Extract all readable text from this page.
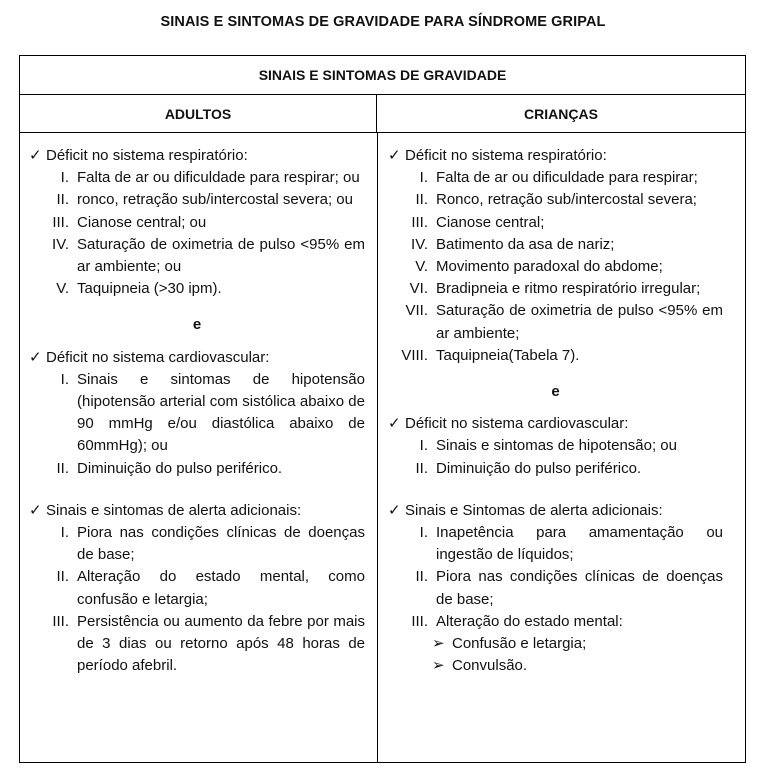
SINAIS E SINTOMAS DE GRAVIDADE PARA SÍNDROME GRIPAL
SINAIS E SINTOMAS DE GRAVIDADE
ADULTOS	CRIANÇAS
✓ Déficit no sistema respiratório:
I. Falta de ar ou dificuldade para respirar; ou
II. ronco, retração sub/intercostal severa; ou
III. Cianose central; ou
IV. Saturação de oximetria de pulso <95% em ar ambiente; ou
V. Taquipneia (>30 ipm).
e
✓ Déficit no sistema cardiovascular:
I. Sinais e sintomas de hipotensão (hipotensão arterial com sistólica abaixo de 90 mmHg e/ou diastólica abaixo de 60mmHg); ou
II. Diminuição do pulso periférico.
✓ Sinais e sintomas de alerta adicionais:
I. Piora nas condições clínicas de doenças de base;
II. Alteração do estado mental, como confusão e letargia;
III. Persistência ou aumento da febre por mais de 3 dias ou retorno após 48 horas de período afebril.
✓ Déficit no sistema respiratório:
I. Falta de ar ou dificuldade para respirar;
II. Ronco, retração sub/intercostal severa;
III. Cianose central;
IV. Batimento da asa de nariz;
V. Movimento paradoxal do abdome;
VI. Bradipneia e ritmo respiratório irregular;
VII. Saturação de oximetria de pulso <95% em ar ambiente;
VIII. Taquipneia(Tabela 7).
e
✓ Déficit no sistema cardiovascular:
I. Sinais e sintomas de hipotensão; ou
II. Diminuição do pulso periférico.
✓ Sinais e Sintomas de alerta adicionais:
I. Inapetência para amamentação ou ingestão de líquidos;
II. Piora nas condições clínicas de doenças de base;
III. Alteração do estado mental:
➢ Confusão e letargia;
➢ Convulsão.
